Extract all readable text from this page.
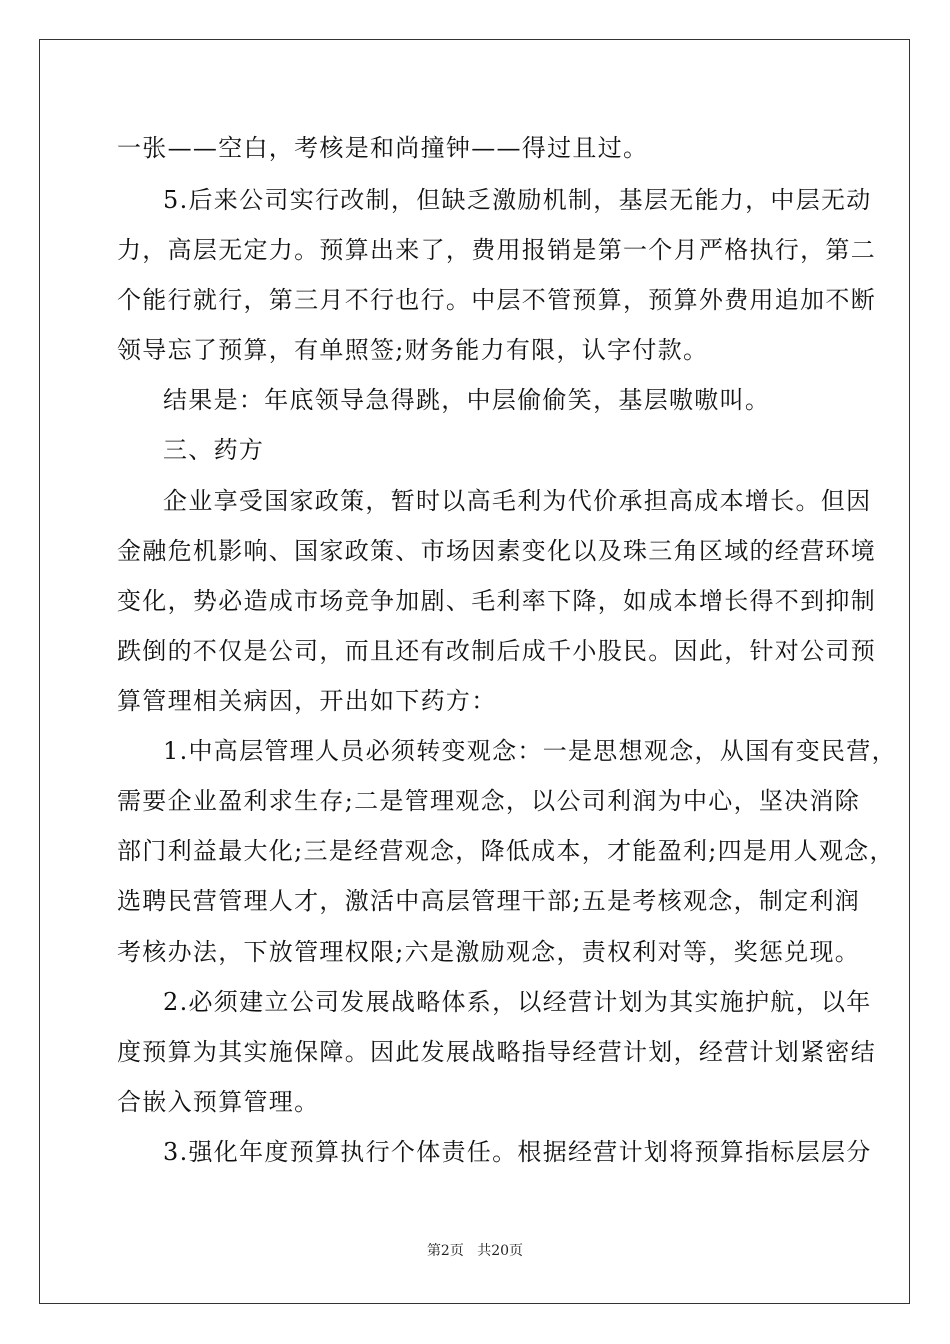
一张——空白，考核是和尚撞钟——得过且过。
5.后来公司实行改制，但缺乏激励机制，基层无能力，中层无动
力，高层无定力。预算出来了，费用报销是第一个月严格执行，第二
个能行就行，第三月不行也行。中层不管预算，预算外费用追加不断
领导忘了预算，有单照签;财务能力有限，认字付款。
结果是：年底领导急得跳，中层偷偷笑，基层嗷嗷叫。
三、药方
企业享受国家政策，暂时以高毛利为代价承担高成本增长。但因
金融危机影响、国家政策、市场因素变化以及珠三角区域的经营环境
变化，势必造成市场竞争加剧、毛利率下降，如成本增长得不到抑制
跌倒的不仅是公司，而且还有改制后成千小股民。因此，针对公司预
算管理相关病因，开出如下药方：
1.中高层管理人员必须转变观念：一是思想观念，从国有变民营，
需要企业盈利求生存;二是管理观念，以公司利润为中心，坚决消除
部门利益最大化;三是经营观念，降低成本，才能盈利;四是用人观念，
选聘民营管理人才，激活中高层管理干部;五是考核观念，制定利润
考核办法，下放管理权限;六是激励观念，责权利对等，奖惩兑现。
2.必须建立公司发展战略体系，以经营计划为其实施护航，以年
度预算为其实施保障。因此发展战略指导经营计划，经营计划紧密结
合嵌入预算管理。
3.强化年度预算执行个体责任。根据经营计划将预算指标层层分
第2页 共20页
